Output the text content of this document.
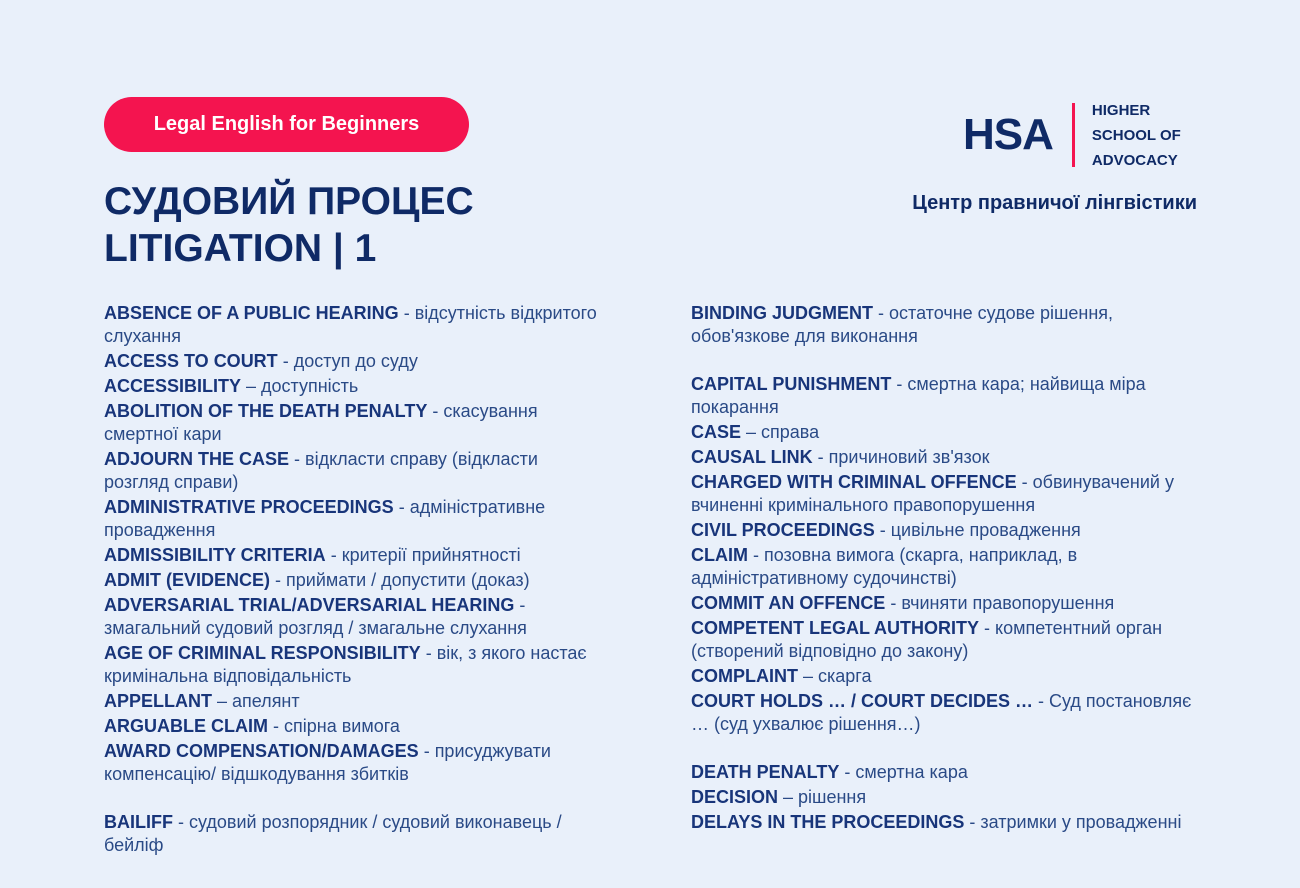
Legal English for Beginners
СУДОВИЙ ПРОЦЕС
LITIGATION | 1
HSA	HIGHER
SCHOOL OF
ADVOCACY
Центр правничої лінгвістики
ABSENCE OF A PUBLIC HEARING - відсутність відкритого слухання
ACCESS TO COURT - доступ до суду
ACCESSIBILITY – доступність
ABOLITION OF THE DEATH PENALTY - скасування смертної кари
ADJOURN THE CASE - відкласти справу (відкласти розгляд справи)
ADMINISTRATIVE PROCEEDINGS - адміністративне провадження
ADMISSIBILITY CRITERIA - критерії прийнятності
ADMIT (EVIDENCE) - приймати / допустити (доказ)
ADVERSARIAL TRIAL/ADVERSARIAL HEARING - змагальний судовий розгляд / змагальне слухання
AGE OF CRIMINAL RESPONSIBILITY - вік, з якого настає кримінальна відповідальність
APPELLANT – апелянт
ARGUABLE CLAIM - спірна вимога
AWARD COMPENSATION/DAMAGES - присуджувати компенсацію/ відшкодування збитків
BAILIFF - судовий розпорядник / судовий виконавець / бейліф
BINDING JUDGMENT - остаточне судове рішення, обов'язкове для виконання
CAPITAL PUNISHMENT - смертна кара; найвища міра покарання
CASE – справа
CAUSAL LINK - причиновий зв'язок
CHARGED WITH CRIMINAL OFFENCE - обвинувачений у вчиненні кримінального правопорушення
CIVIL PROCEEDINGS - цивільне провадження
CLAIM - позовна вимога (скарга, наприклад, в адміністративному судочинстві)
COMMIT AN OFFENCE - вчиняти правопорушення
COMPETENT LEGAL AUTHORITY - компетентний орган (створений відповідно до закону)
COMPLAINT – скарга
COURT HOLDS … / COURT DECIDES … - Суд постановляє … (суд ухвалює рішення…)
DEATH PENALTY - смертна кара
DECISION – рішення
DELAYS IN THE PROCEEDINGS - затримки у провадженні
